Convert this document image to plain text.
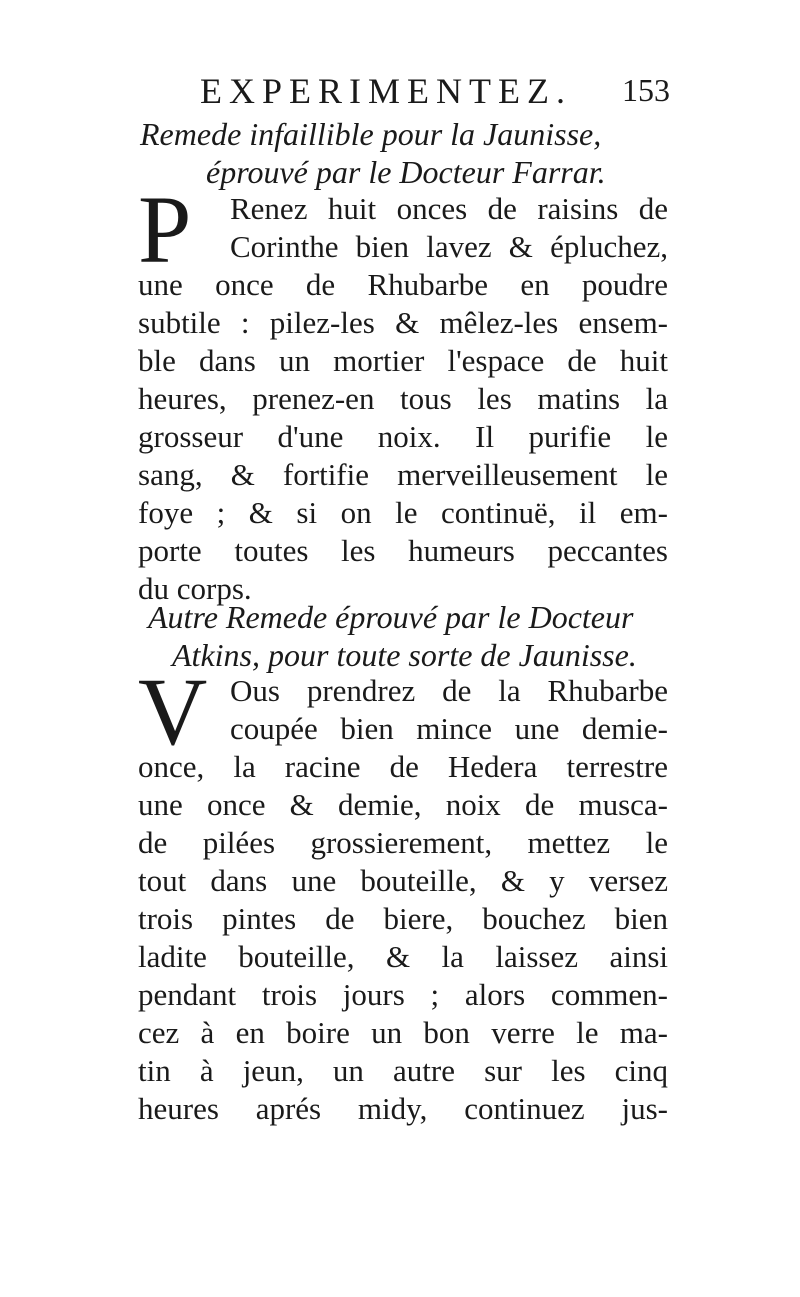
EXPERIMENTEZ. 153
Remede infaillible pour la Jaunisse,
éprouvé par le Docteur Farrar.
P	Renez huit onces de raisins de
Corinthe bien lavez & épluchez,
une once de Rhubarbe en poudre
subtile : pilez-les & mêlez-les ensem-
ble dans un mortier l'espace de huit
heures, prenez-en tous les matins la
grosseur d'une noix. Il purifie le
sang, & fortifie merveilleusement le
foye ; & si on le continuë, il em-
porte toutes les humeurs peccantes
du corps.
Autre Remede éprouvé par le Docteur
Atkins, pour toute sorte de Jaunisse.
V Ous prendrez de la Rhubarbe
coupée bien mince une demie-
once, la racine de Hedera terrestre
une once & demie, noix de musca-
de pilées grossierement, mettez le
tout dans une bouteille, & y versez
trois pintes de biere, bouchez bien
ladite bouteille, & la laissez ainsi
pendant trois jours ; alors commen-
cez à en boire un bon verre le ma-
tin à jeun, un autre sur les cinq
heures aprés midy, continuez jus-
